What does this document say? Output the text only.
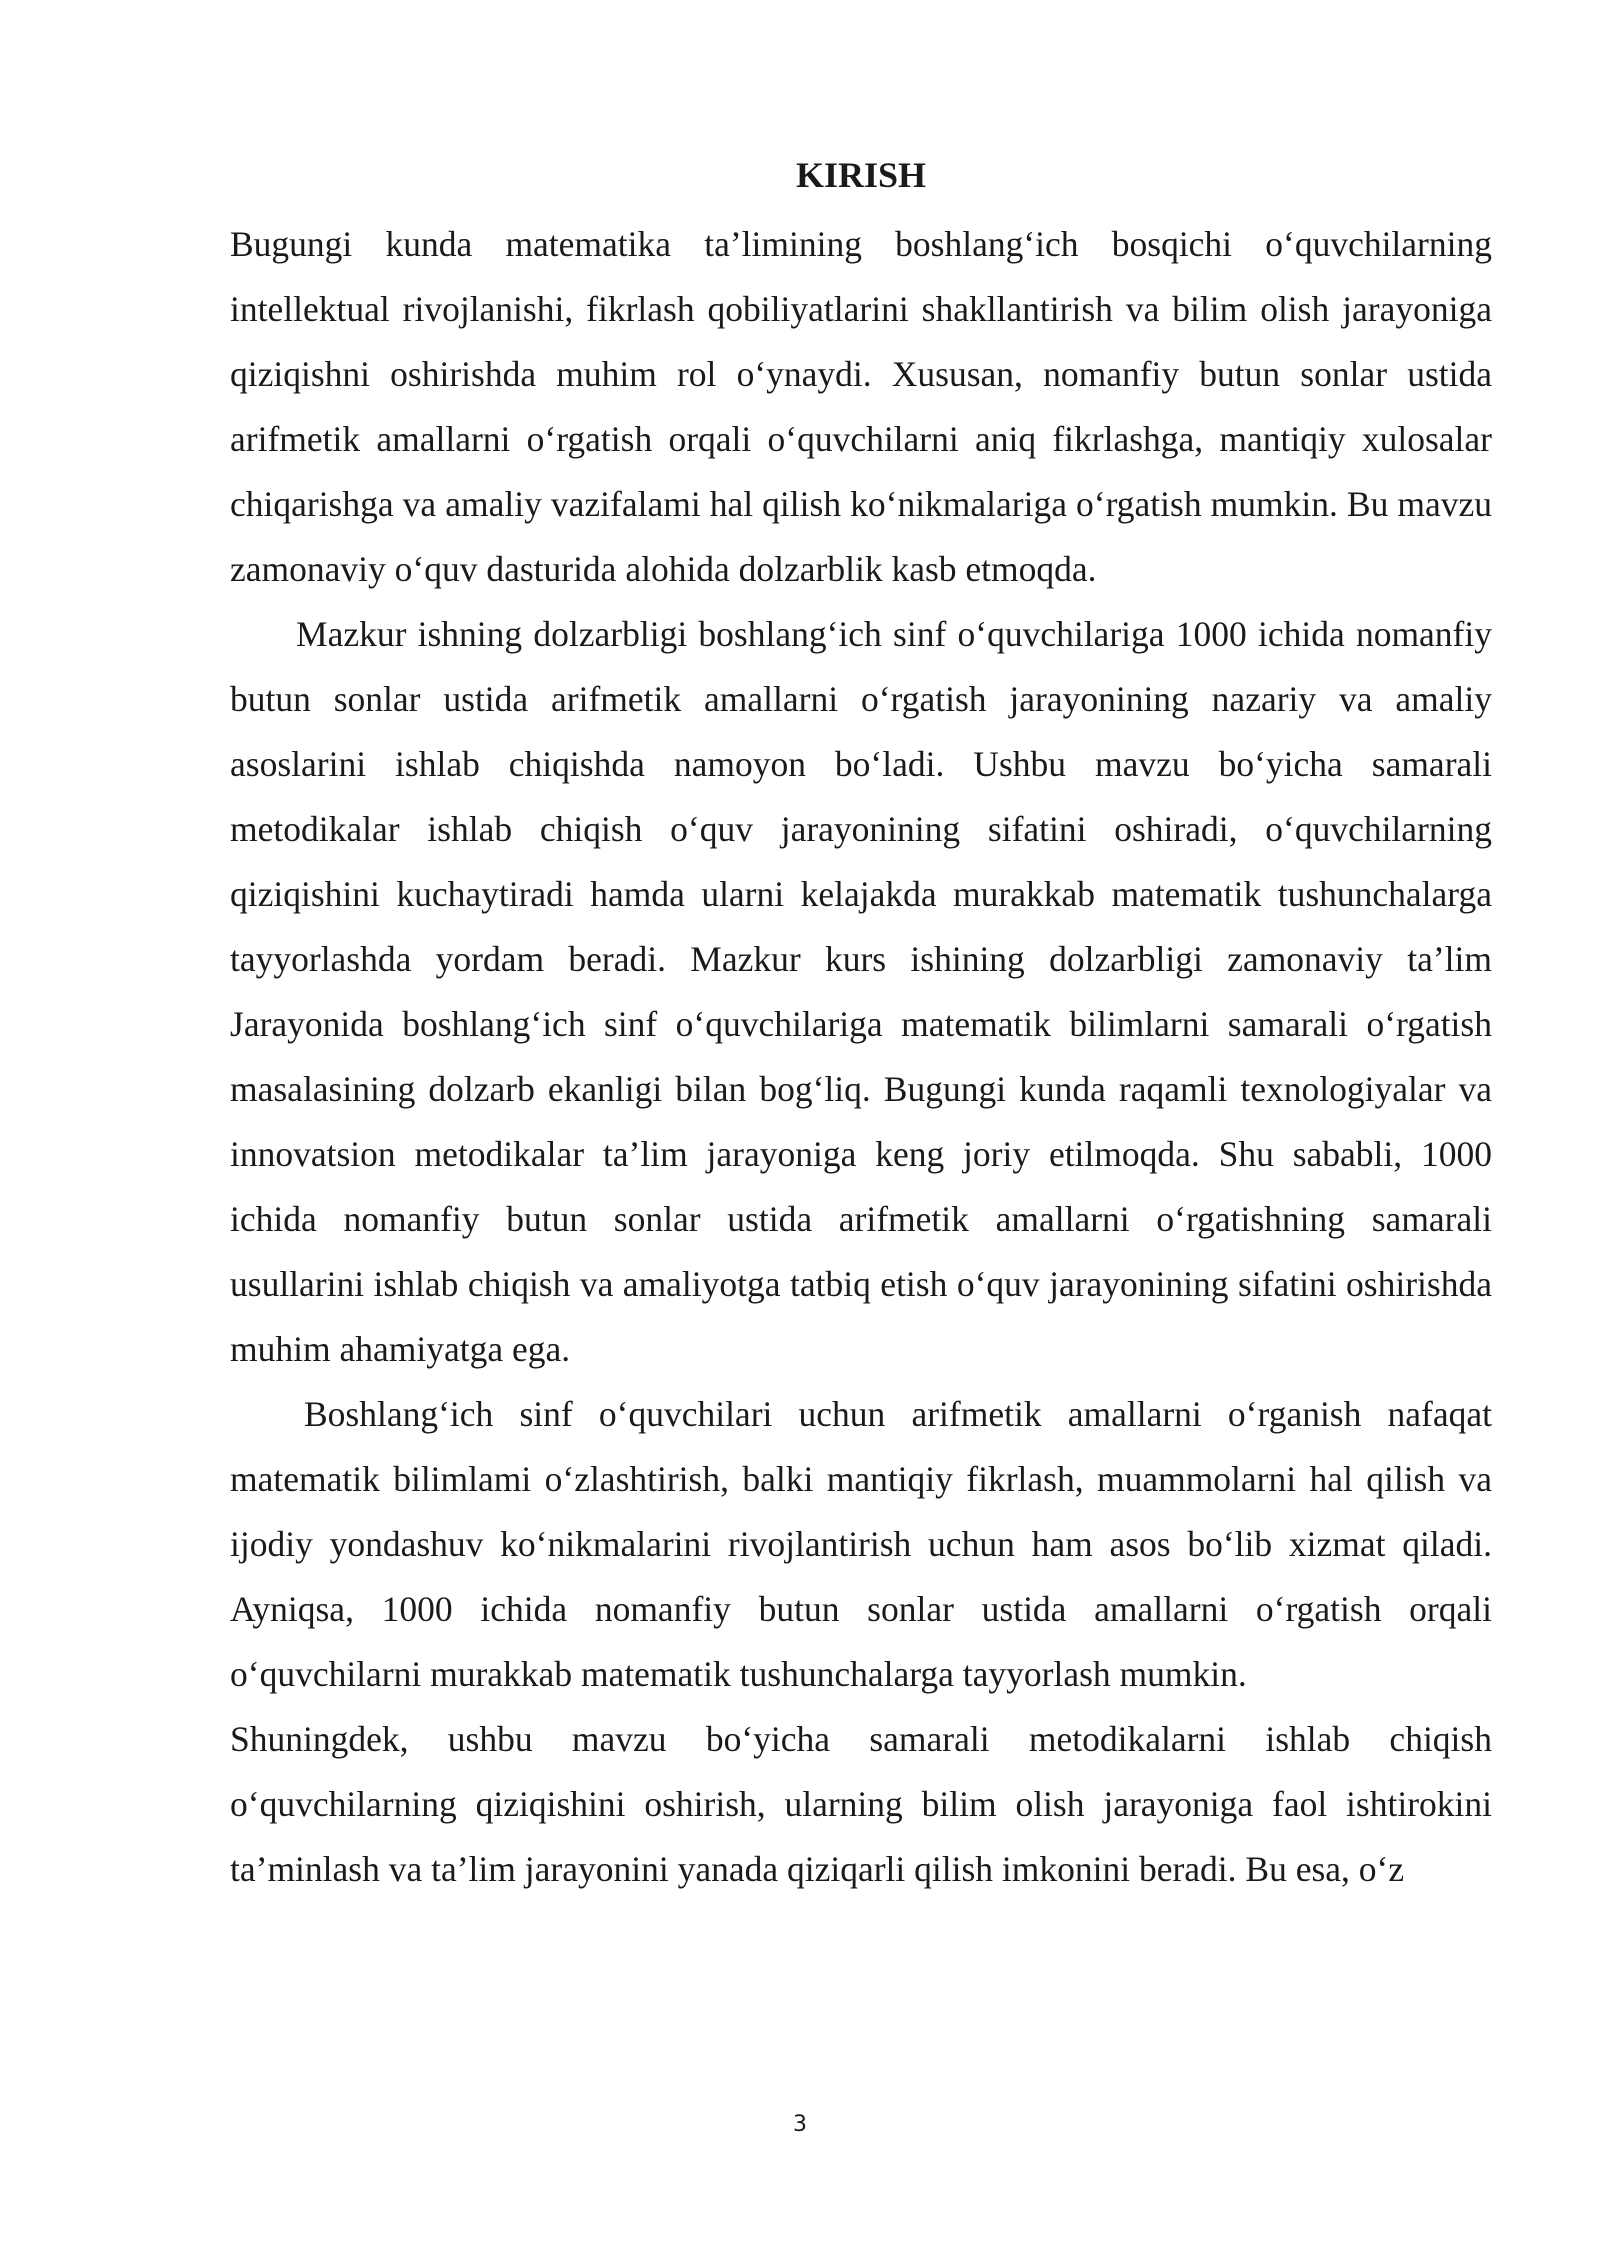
KIRISH

Bugungi kunda matematika ta’limining boshlang‘ich bosqichi o‘quvchilarning intellektual rivojlanishi, fikrlash qobiliyatlarini shakllantirish va bilim olish jarayoniga qiziqishni oshirishda muhim rol o‘ynaydi. Xususan, nomanfiy butun sonlar ustida arifmetik amallarni o‘rgatish orqali o‘quvchilarni aniq fikrlashga, mantiqiy xulosalar chiqarishga va amaliy vazifalami hal qilish ko‘nikmalariga o‘rgatish mumkin. Bu mavzu zamonaviy o‘quv dasturida alohida dolzarblik kasb etmoqda.

Mazkur ishning dolzarbligi boshlang‘ich sinf o‘quvchilariga 1000 ichida nomanfiy butun sonlar ustida arifmetik amallarni o‘rgatish jarayonining nazariy va amaliy asoslarini ishlab chiqishda namoyon bo‘ladi. Ushbu mavzu bo‘yicha samarali metodikalar ishlab chiqish o‘quv jarayonining sifatini oshiradi, o‘quvchilarning qiziqishini kuchaytiradi hamda ularni kelajakda murakkab matematik tushunchalarga tayyorlashda yordam beradi. Mazkur kurs ishining dolzarbligi zamonaviy ta’lim Jarayonida boshlang‘ich sinf o‘quvchilariga matematik bilimlarni samarali o‘rgatish masalasining dolzarb ekanligi bilan bog‘liq. Bugungi kunda raqamli texnologiyalar va innovatsion metodikalar ta’lim jarayoniga keng joriy etilmoqda. Shu sababli, 1000 ichida nomanfiy butun sonlar ustida arifmetik amallarni o‘rgatishning samarali usullarini ishlab chiqish va amaliyotga tatbiq etish o‘quv jarayonining sifatini oshirishda muhim ahamiyatga ega.

Boshlang‘ich sinf o‘quvchilari uchun arifmetik amallarni o‘rganish nafaqat matematik bilimlami o‘zlashtirish, balki mantiqiy fikrlash, muammolarni hal qilish va ijodiy yondashuv ko‘nikmalarini rivojlantirish uchun ham asos bo‘lib xizmat qiladi. Ayniqsa, 1000 ichida nomanfiy butun sonlar ustida amallarni o‘rgatish orqali o‘quvchilarni murakkab matematik tushunchalarga tayyorlash mumkin.

Shuningdek, ushbu mavzu bo‘yicha samarali metodikalarni ishlab chiqish o‘quvchilarning qiziqishini oshirish, ularning bilim olish jarayoniga faol ishtirokini ta’minlash va ta’lim jarayonini yanada qiziqarli qilish imkonini beradi. Bu esa, o‘z

3
